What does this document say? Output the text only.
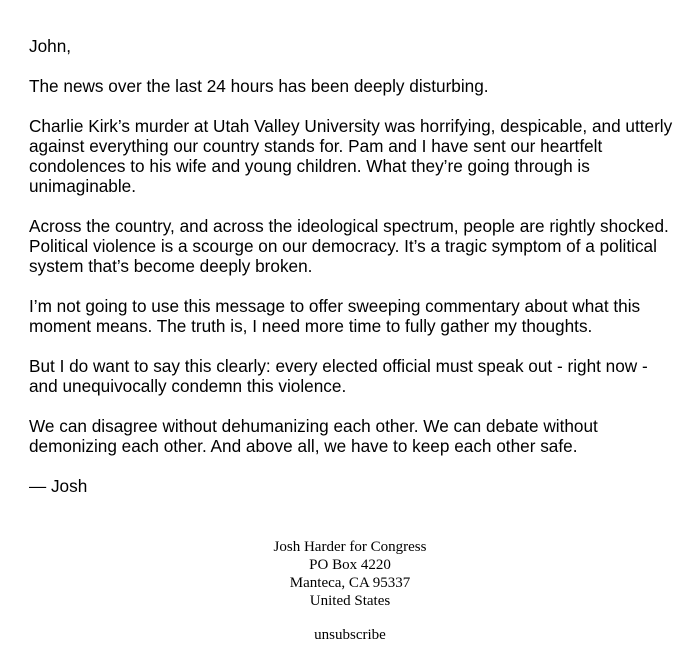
John,

The news over the last 24 hours has been deeply disturbing.

Charlie Kirk’s murder at Utah Valley University was horrifying, despicable, and utterly against everything our country stands for. Pam and I have sent our heartfelt condolences to his wife and young children. What they’re going through is unimaginable.

Across the country, and across the ideological spectrum, people are rightly shocked. Political violence is a scourge on our democracy. It’s a tragic symptom of a political system that’s become deeply broken.

I’m not going to use this message to offer sweeping commentary about what this moment means. The truth is, I need more time to fully gather my thoughts.

But I do want to say this clearly: every elected official must speak out - right now - and unequivocally condemn this violence.

We can disagree without dehumanizing each other. We can debate without demonizing each other. And above all, we have to keep each other safe.

— Josh

Josh Harder for Congress
PO Box 4220
Manteca, CA 95337
United States
unsubscribe
